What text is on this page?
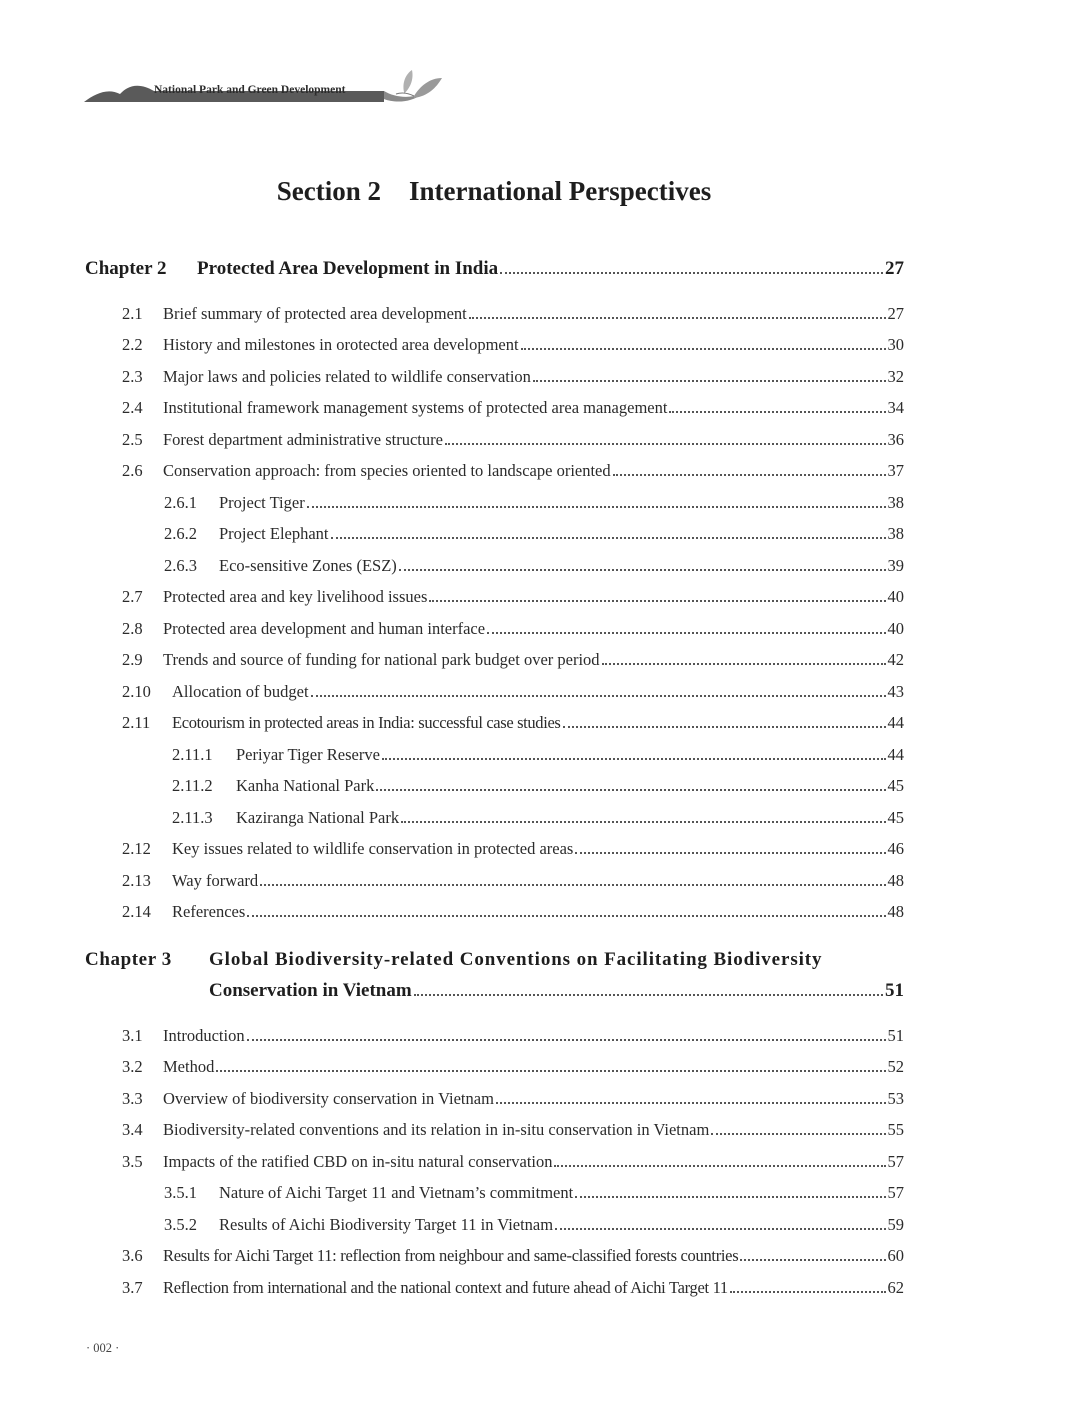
National Park and Green Development
Section 2 International Perspectives
Chapter 2	Protected Area Development in India	27
2.1	Brief summary of protected area development	27
2.2	History and milestones in orotected area development	30
2.3	Major laws and policies related to wildlife conservation	32
2.4	Institutional framework management systems of protected area management	34
2.5	Forest department administrative structure	36
2.6	Conservation approach: from species oriented to landscape oriented	37
2.6.1	Project Tiger	38
2.6.2	Project Elephant	38
2.6.3	Eco-sensitive Zones (ESZ)	39
2.7	Protected area and key livelihood issues	40
2.8	Protected area development and human interface	40
2.9	Trends and source of funding for national park budget over period	42
2.10	Allocation of budget	43
2.11	Ecotourism in protected areas in India: successful case studies	44
2.11.1	Periyar Tiger Reserve	44
2.11.2	Kanha National Park	45
2.11.3	Kaziranga National Park	45
2.12	Key issues related to wildlife conservation in protected areas	46
2.13	Way forward	48
2.14	References	48
Chapter 3	Global Biodiversity-related Conventions on Facilitating Biodiversity
Conservation in Vietnam	51
3.1	Introduction	51
3.2	Method	52
3.3	Overview of biodiversity conservation in Vietnam	53
3.4	Biodiversity-related conventions and its relation in in-situ conservation in Vietnam	55
3.5	Impacts of the ratified CBD on in-situ natural conservation	57
3.5.1	Nature of Aichi Target 11 and Vietnam’s commitment	57
3.5.2	Results of Aichi Biodiversity Target 11 in Vietnam	59
3.6	Results for Aichi Target 11: reflection from neighbour and same-classified forests countries	60
3.7	Reflection from international and the national context and future ahead of Aichi Target 11	62
· 002 ·
